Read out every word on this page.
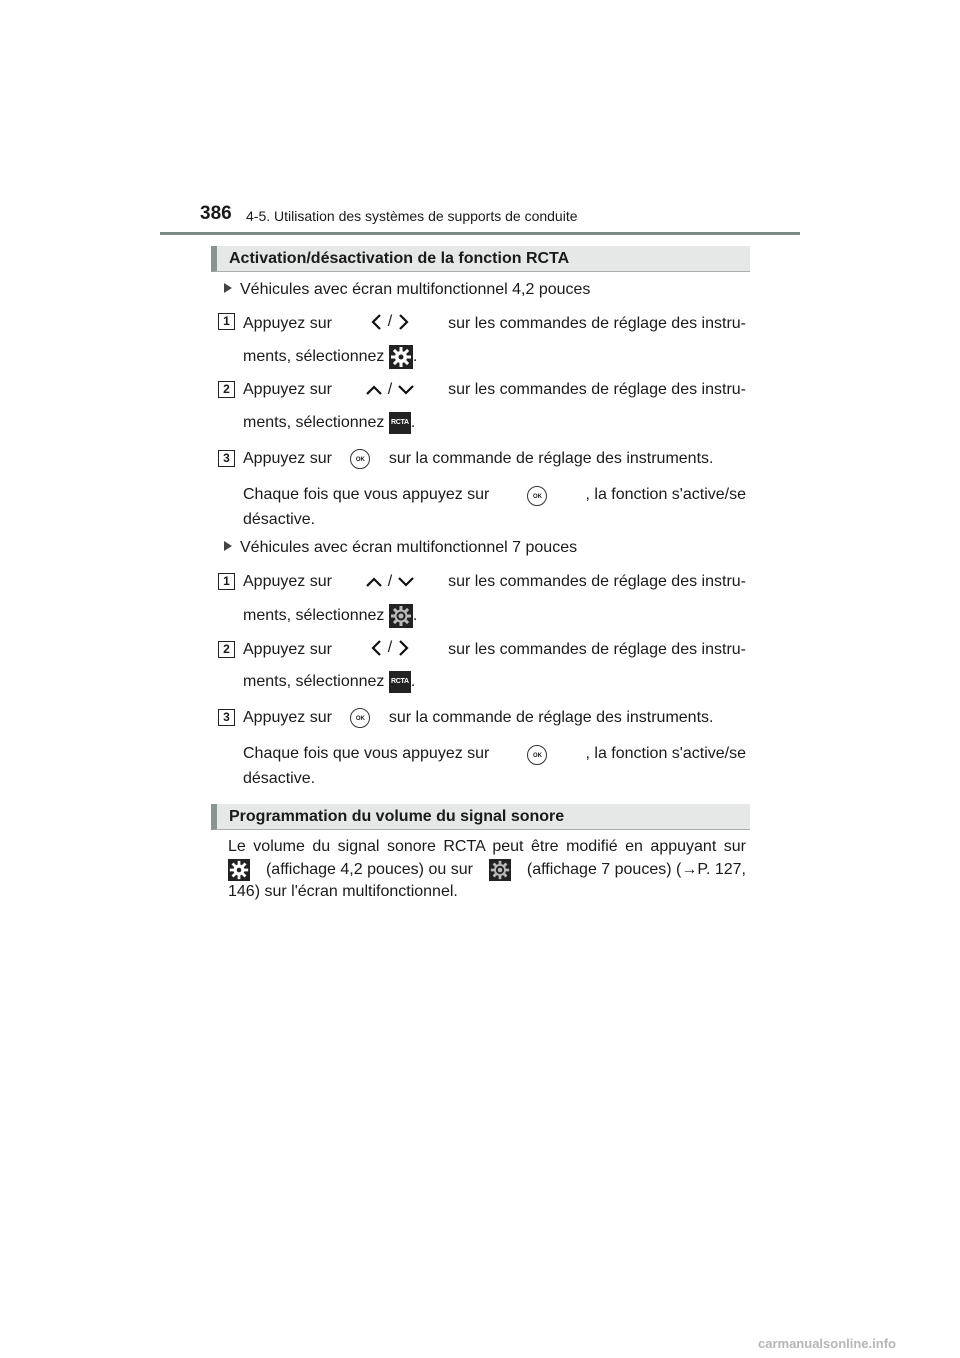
386 4-5. Utilisation des systèmes de supports de conduite
Activation/désactivation de la fonction RCTA
Véhicules avec écran multifonctionnel 4,2 pouces
1 Appuyez sur	/	sur les commandes de réglage des instru-
ments, sélectionnez .
2 Appuyez sur	/	sur les commandes de réglage des instru-
ments, sélectionnez RCTA .
3 Appuyez sur	OK sur la commande de réglage des instruments.
Chaque fois que vous appuyez sur	OK	, la fonction s'active/se
désactive.
Véhicules avec écran multifonctionnel 7 pouces
1 Appuyez sur	/	sur les commandes de réglage des instru-
ments, sélectionnez .
2 Appuyez sur	/	sur les commandes de réglage des instru-
ments, sélectionnez RCTA .
3 Appuyez sur	OK sur la commande de réglage des instruments.
Chaque fois que vous appuyez sur	OK	, la fonction s'active/se
désactive.
Programmation du volume du signal sonore
Le volume du signal sonore RCTA peut être modifié en appuyant sur
(affichage 4,2 pouces) ou sur	(affichage 7 pouces) (→P. 127,
146) sur l'écran multifonctionnel.
carmanualsonline.info
